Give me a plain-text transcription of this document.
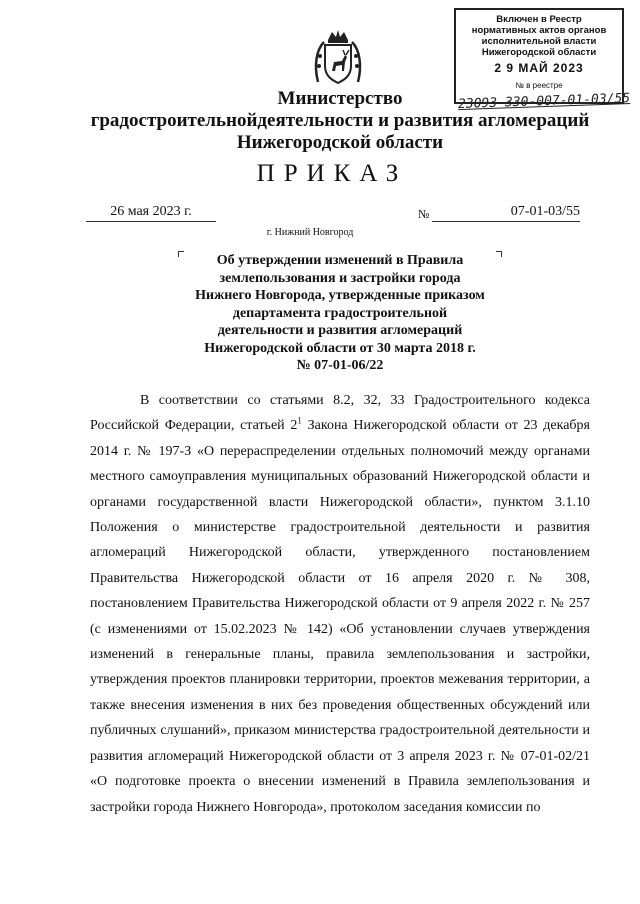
Включен в Реестр
нормативных актов органов
исполнительной власти
Нижегородской области
2 9 МАЙ 2023
№ в реестре
23093-330-007-01-03/55
Министерство
градостроительнойдеятельности и развития агломераций
Нижегородской области
ПРИКАЗ
26 мая 2023 г.	№	07-01-03/55
г. Нижний Новгород
Об утверждении изменений в Правила
землепользования и застройки города
Нижнего Новгорода, утвержденные приказом
департамента градостроительной
деятельности и развития агломераций
Нижегородской области от 30 марта 2018 г.
№ 07-01-06/22

В соответствии со статьями 8.2, 32, 33 Градостроительного кодекса Российской Федерации, статьей $2^1$ Закона Нижегородской области от 23 декабря 2014 г. № 197-З «О перераспределении отдельных полномочий между органами местного самоуправления муниципальных образований Нижегородской области и органами государственной власти Нижегородской области», пунктом 3.1.10 Положения о министерстве градостроительной деятельности и развития агломераций Нижегородской области, утвержденного постановлением Правительства Нижегородской области от 16 апреля 2020 г. № 308, постановлением Правительства Нижегородской области от 9 апреля 2022 г. № 257 (с изменениями от 15.02.2023 № 142) «Об установлении случаев утверждения изменений в генеральные планы, правила землепользования и застройки, утверждения проектов планировки территории, проектов межевания территории, а также внесения изменения в них без проведения общественных обсуждений или публичных слушаний», приказом министерства градостроительной деятельности и развития агломераций Нижегородской области от 3 апреля 2023 г. № 07-01-02/21 «О подготовке проекта о внесении изменений в Правила землепользования и застройки города Нижнего Новгорода», протоколом заседания комиссии по
